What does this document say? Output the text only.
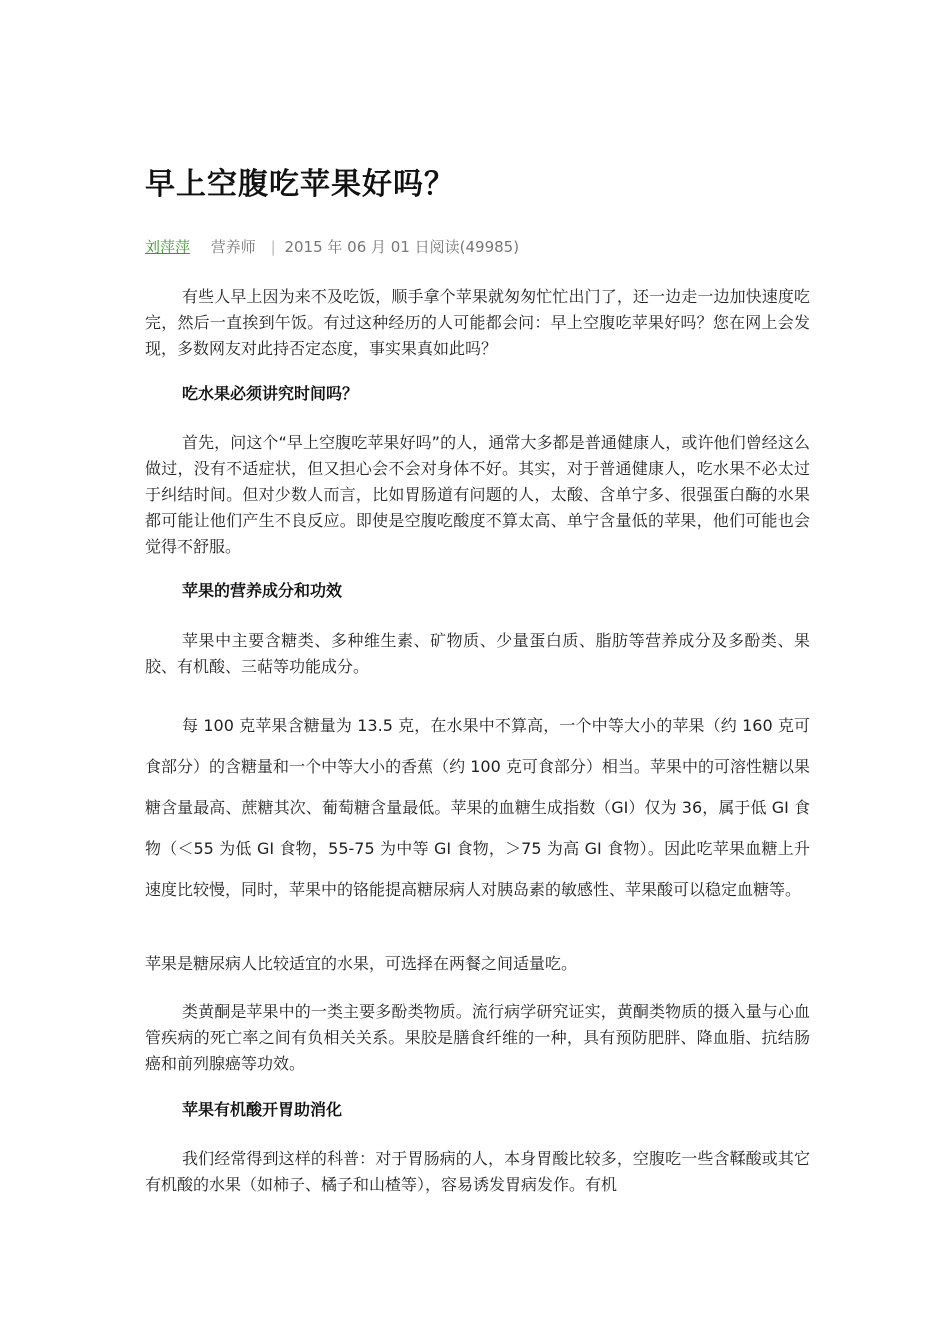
早上空腹吃苹果好吗？
刘萍萍 营养师 | 2015 年 06 月 01 日阅读(49985)

有些人早上因为来不及吃饭，顺手拿个苹果就匆匆忙忙出门了，还一边走一边加快速度吃完，然后一直挨到午饭。有过这种经历的人可能都会问：早上空腹吃苹果好吗？您在网上会发现，多数网友对此持否定态度，事实果真如此吗？

吃水果必须讲究时间吗？

首先，问这个“早上空腹吃苹果好吗”的人，通常大多都是普通健康人，或许他们曾经这么做过，没有不适症状，但又担心会不会对身体不好。其实，对于普通健康人，吃水果不必太过于纠结时间。但对少数人而言，比如胃肠道有问题的人，太酸、含单宁多、很强蛋白酶的水果都可能让他们产生不良反应。即使是空腹吃酸度不算太高、单宁含量低的苹果，他们可能也会觉得不舒服。

苹果的营养成分和功效

苹果中主要含糖类、多种维生素、矿物质、少量蛋白质、脂肪等营养成分及多酚类、果胶、有机酸、三萜等功能成分。

每 100 克苹果含糖量为 13.5 克，在水果中不算高，一个中等大小的苹果（约 160 克可食部分）的含糖量和一个中等大小的香蕉（约 100 克可食部分）相当。苹果中的可溶性糖以果糖含量最高、蔗糖其次、葡萄糖含量最低。苹果的血糖生成指数（GI）仅为 36，属于低 GI 食物（＜55 为低 GI 食物，55-75 为中等 GI 食物，＞75 为高 GI 食物）。因此吃苹果血糖上升速度比较慢，同时，苹果中的铬能提高糖尿病人对胰岛素的敏感性、苹果酸可以稳定血糖等。

苹果是糖尿病人比较适宜的水果，可选择在两餐之间适量吃。

类黄酮是苹果中的一类主要多酚类物质。流行病学研究证实，黄酮类物质的摄入量与心血管疾病的死亡率之间有负相关关系。果胶是膳食纤维的一种，具有预防肥胖、降血脂、抗结肠癌和前列腺癌等功效。

苹果有机酸开胃助消化

我们经常得到这样的科普：对于胃肠病的人，本身胃酸比较多，空腹吃一些含鞣酸或其它有机酸的水果（如柿子、橘子和山楂等），容易诱发胃病发作。有机
